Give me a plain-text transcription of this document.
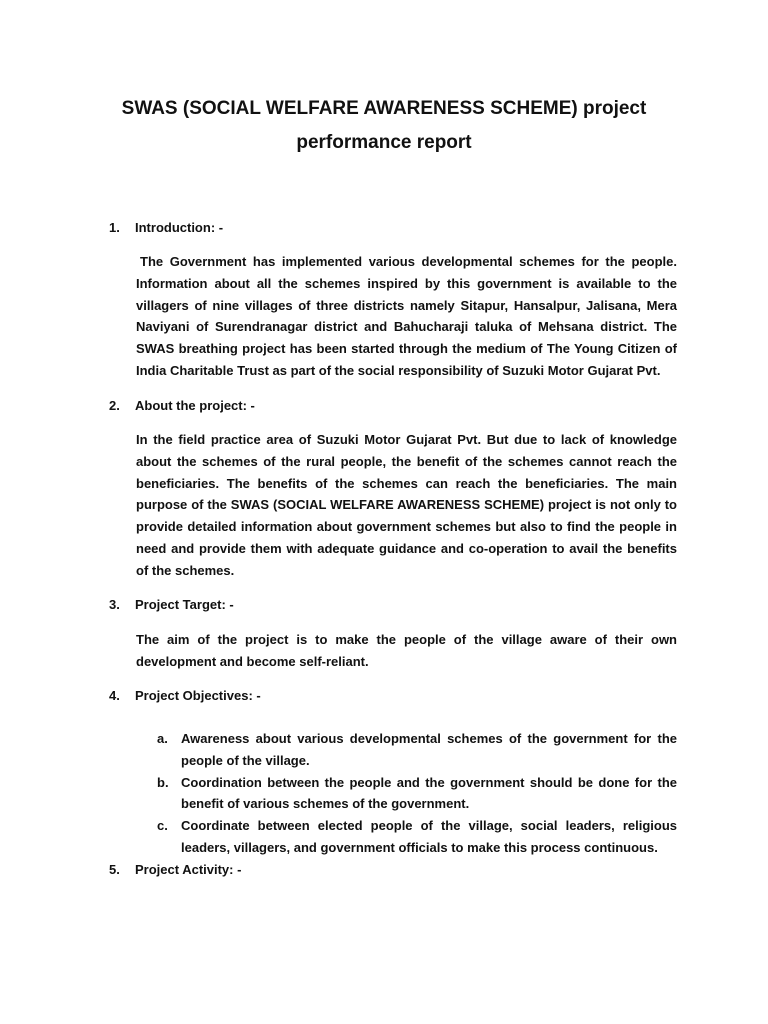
SWAS (SOCIAL WELFARE AWARENESS SCHEME) project
performance report
1. Introduction: -

The Government has implemented various developmental schemes for the people. Information about all the schemes inspired by this government is available to the villagers of nine villages of three districts namely Sitapur, Hansalpur, Jalisana, Mera Naviyani of Surendranagar district and Bahucharaji taluka of Mehsana district. The SWAS breathing project has been started through the medium of The Young Citizen of India Charitable Trust as part of the social responsibility of Suzuki Motor Gujarat Pvt.

2. About the project: -

In the field practice area of Suzuki Motor Gujarat Pvt. But due to lack of knowledge about the schemes of the rural people, the benefit of the schemes cannot reach the beneficiaries. The benefits of the schemes can reach the beneficiaries. The main purpose of the SWAS (SOCIAL WELFARE AWARENESS SCHEME) project is not only to provide detailed information about government schemes but also to find the people in need and provide them with adequate guidance and co-operation to avail the benefits of the schemes.

3. Project Target: -

The aim of the project is to make the people of the village aware of their own development and become self-reliant.

4. Project Objectives: -
a. Awareness about various developmental schemes of the government for the people of the village.
b. Coordination between the people and the government should be done for the benefit of various schemes of the government.
c. Coordinate between elected people of the village, social leaders, religious leaders, villagers, and government officials to make this process continuous.
5. Project Activity: -
